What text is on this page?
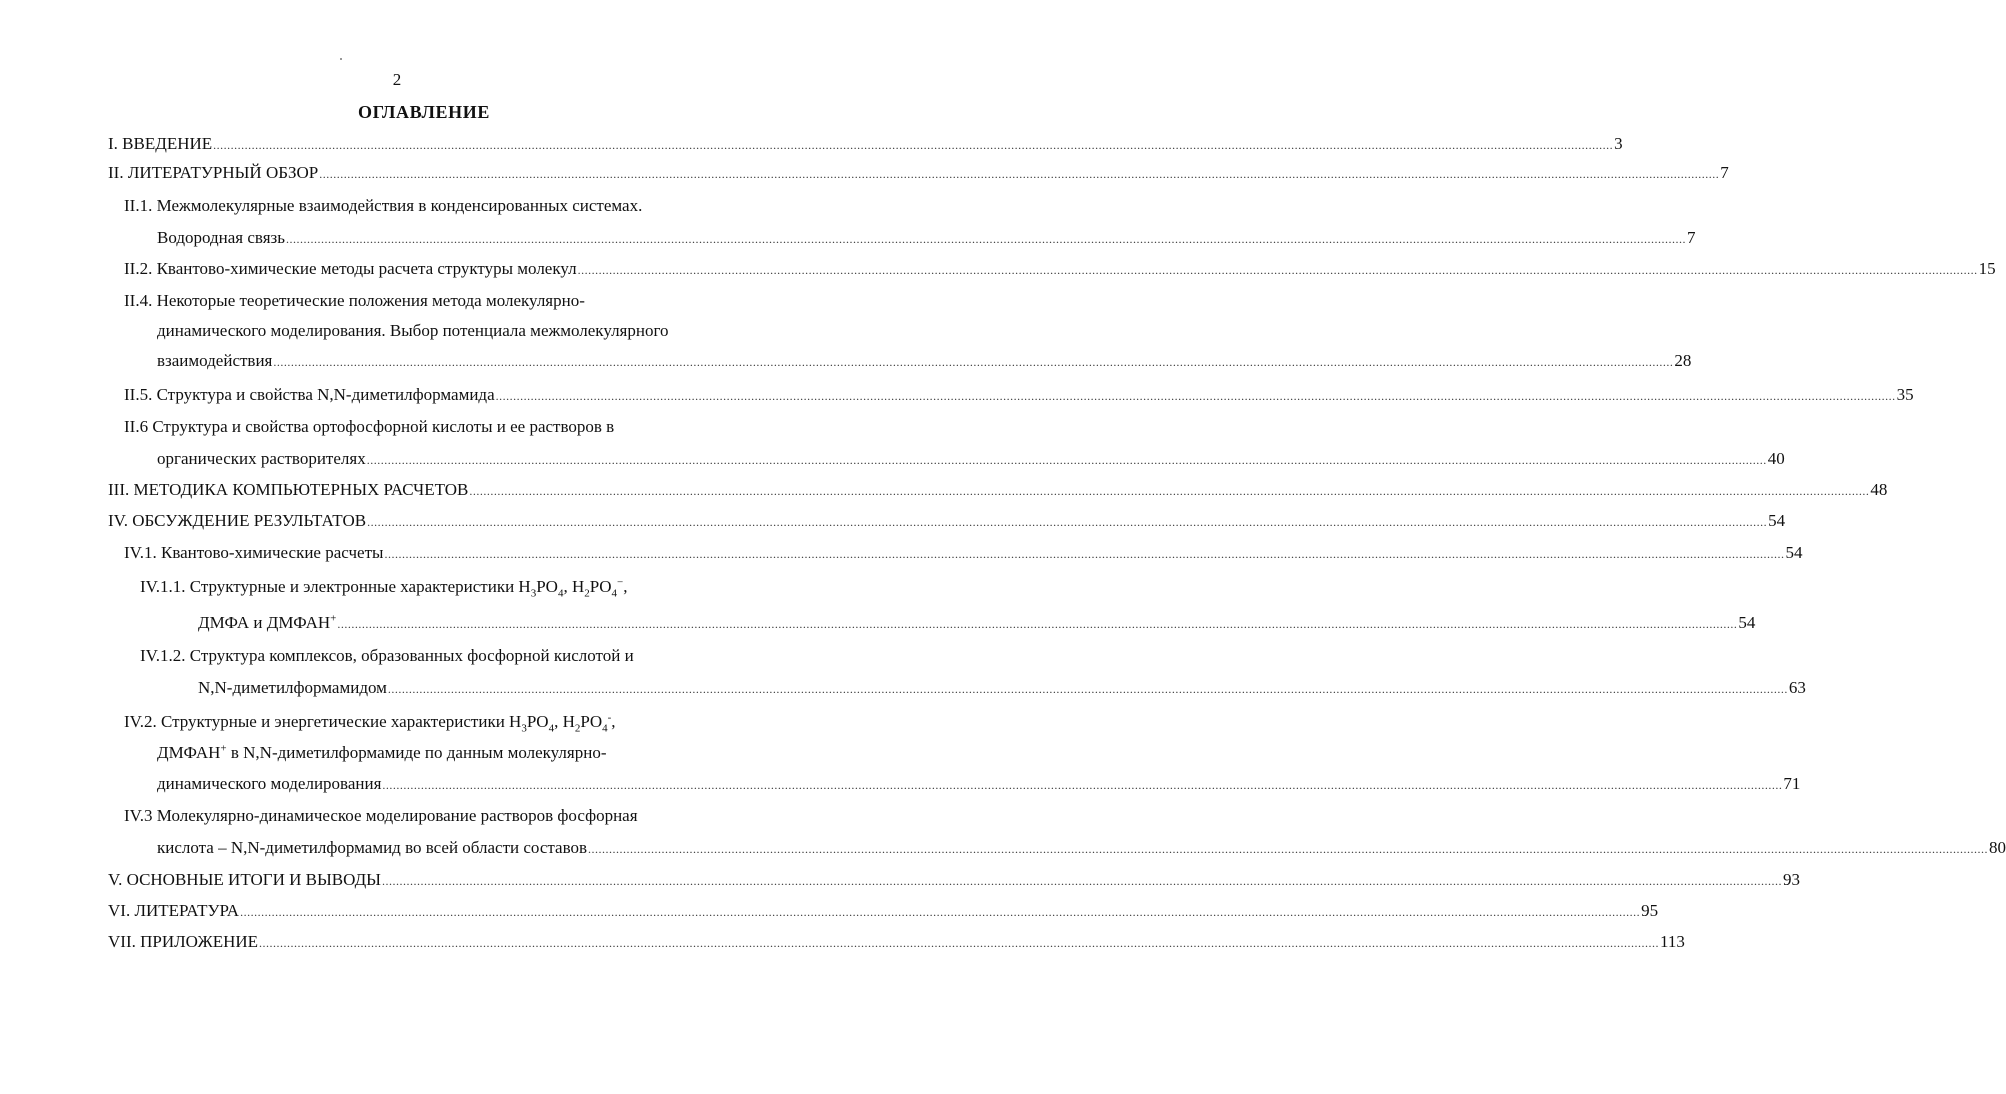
2
ОГЛАВЛЕНИЕ
I. ВВЕДЕНИЕ ................................................................................................................................................................................................................................................................................................................................................................................................................ 3
II. ЛИТЕРАТУРНЫЙ ОБЗОР ................................................................................................................................................................................................................................................................................................................................................................................................................ 7
II.1. Межмолекулярные взаимодействия в конденсированных системах.
Водородная связь ................................................................................................................................................................................................................................................................................................................................................................................................................ 7
II.2. Квантово-химические методы расчета структуры молекул ................................................................................................................................................................................................................................................................................................................................................................................................................ 15
II.4. Некоторые теоретические положения метода молекулярно-
динамического моделирования. Выбор потенциала межмолекулярного
взаимодействия ................................................................................................................................................................................................................................................................................................................................................................................................................ 28
II.5. Структура и свойства N,N-диметилформамида ................................................................................................................................................................................................................................................................................................................................................................................................................ 35
II.6 Структура и свойства ортофосфорной кислоты и ее растворов в
органических растворителях ................................................................................................................................................................................................................................................................................................................................................................................................................ 40
III. МЕТОДИКА КОМПЬЮТЕРНЫХ РАСЧЕТОВ ................................................................................................................................................................................................................................................................................................................................................................................................................ 48
IV. ОБСУЖДЕНИЕ РЕЗУЛЬТАТОВ ................................................................................................................................................................................................................................................................................................................................................................................................................ 54
IV.1. Квантово-химические расчеты ................................................................................................................................................................................................................................................................................................................................................................................................................ 54
IV.1.1. Структурные и электронные характеристики $H_3PO_4$, $H_2PO_4^-$,
ДМФА и ДМФАН+ ................................................................................................................................................................................................................................................................................................................................................................................................................ 54
IV.1.2. Структура комплексов, образованных фосфорной кислотой и
N,N-диметилформамидом ................................................................................................................................................................................................................................................................................................................................................................................................................ 63
IV.2. Структурные и энергетические характеристики $H_3PO_4$, $H_2PO_4^-$,
ДМФАН+ в N,N-диметилформамиде по данным молекулярно-
динамического моделирования ................................................................................................................................................................................................................................................................................................................................................................................................................ 71
IV.3 Молекулярно-динамическое моделирование растворов фосфорная
кислота – N,N-диметилформамид во всей области составов ................................................................................................................................................................................................................................................................................................................................................................................................................ 80
V. ОСНОВНЫЕ ИТОГИ И ВЫВОДЫ ................................................................................................................................................................................................................................................................................................................................................................................................................ 93
VI. ЛИТЕРАТУРА ................................................................................................................................................................................................................................................................................................................................................................................................................ 95
VII. ПРИЛОЖЕНИЕ ................................................................................................................................................................................................................................................................................................................................................................................................................ 113
